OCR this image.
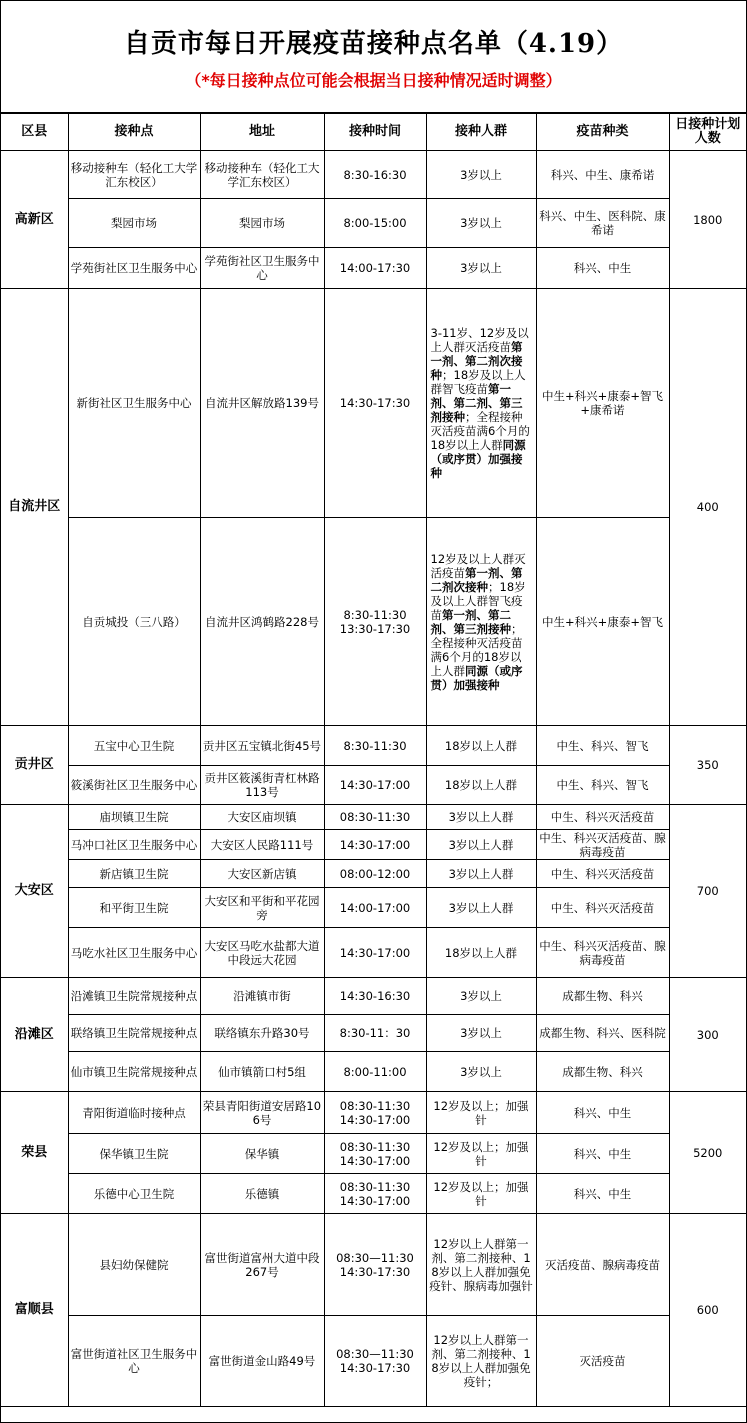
自贡市每日开展疫苗接种点名单（4.19）
（*每日接种点位可能会根据当日接种情况适时调整）
区县	接种点	地址	接种时间	接种人群	疫苗种类	日接种计划人数
高新区	移动接种车（轻化工大学汇东校区）	移动接种车（轻化工大学汇东校区）	8:30-16:30	3岁以上	科兴、中生、康希诺	1800
	梨园市场	梨园市场	8:00-15:00	3岁以上	科兴、中生、医科院、康希诺	
	学苑街社区卫生服务中心	学苑街社区卫生服务中心	14:00-17:30	3岁以上	科兴、中生	
自流井区	新街社区卫生服务中心	自流井区解放路139号	14:30-17:30	3-11岁、12岁及以上人群灭活疫苗第一剂、第二剂次接种；18岁及以上人群智飞疫苗第一剂、第二剂、第三剂接种；全程接种灭活疫苗满6个月的18岁以上人群同源（或序贯）加强接种	中生+科兴+康泰+智飞+康希诺	400
	自贡城投（三八路）	自流井区鸿鹤路228号	8:30-11:30
13:30-17:30	12岁及以上人群灭活疫苗第一剂、第二剂次接种；18岁及以上人群智飞疫苗第一剂、第二剂、第三剂接种；全程接种灭活疫苗满6个月的18岁以上人群同源（或序贯）加强接种	中生+科兴+康泰+智飞	
贡井区	五宝中心卫生院	贡井区五宝镇北街45号	8:30-11:30	18岁以上人群	中生、科兴、智飞	350
	筱溪街社区卫生服务中心	贡井区筱溪街青杠林路113号	14:30-17:00	18岁以上人群	中生、科兴、智飞	
大安区	庙坝镇卫生院	大安区庙坝镇	08:30-11:30	3岁以上人群	中生、科兴灭活疫苗	700
	马冲口社区卫生服务中心	大安区人民路111号	14:30-17:00	3岁以上人群	中生、科兴灭活疫苗、腺病毒疫苗	
	新店镇卫生院	大安区新店镇	08:00-12:00	3岁以上人群	中生、科兴灭活疫苗	
	和平街卫生院	大安区和平街和平花园旁	14:00-17:00	3岁以上人群	中生、科兴灭活疫苗	
	马吃水社区卫生服务中心	大安区马吃水盐都大道中段远大花园	14:30-17:00	18岁以上人群	中生、科兴灭活疫苗、腺病毒疫苗	
沿滩区	沿滩镇卫生院常规接种点	沿滩镇市街	14:30-16:30	3岁以上	成都生物、科兴	300
	联络镇卫生院常规接种点	联络镇东升路30号	8:30-11：30	3岁以上	成都生物、科兴、医科院	
	仙市镇卫生院常规接种点	仙市镇箭口村5组	8:00-11:00	3岁以上	成都生物、科兴	
荣县	青阳街道临时接种点	荣县青阳街道安居路106号	08:30-11:30
14:30-17:00	12岁及以上；加强针	科兴、中生	5200
	保华镇卫生院	保华镇	08:30-11:30
14:30-17:00	12岁及以上；加强针	科兴、中生	
	乐德中心卫生院	乐德镇	08:30-11:30
14:30-17:00	12岁及以上；加强针	科兴、中生	
富顺县	县妇幼保健院	富世街道富州大道中段267号	08:30—11:30
14:30-17:30	12岁以上人群第一剂、第二剂接种、18岁以上人群加强免疫针、腺病毒加强针	灭活疫苗、腺病毒疫苗	600
	富世街道社区卫生服务中心	富世街道金山路49号	08:30—11:30
14:30-17:30	12岁以上人群第一剂、第二剂接种、18岁以上人群加强免疫针；	灭活疫苗	
